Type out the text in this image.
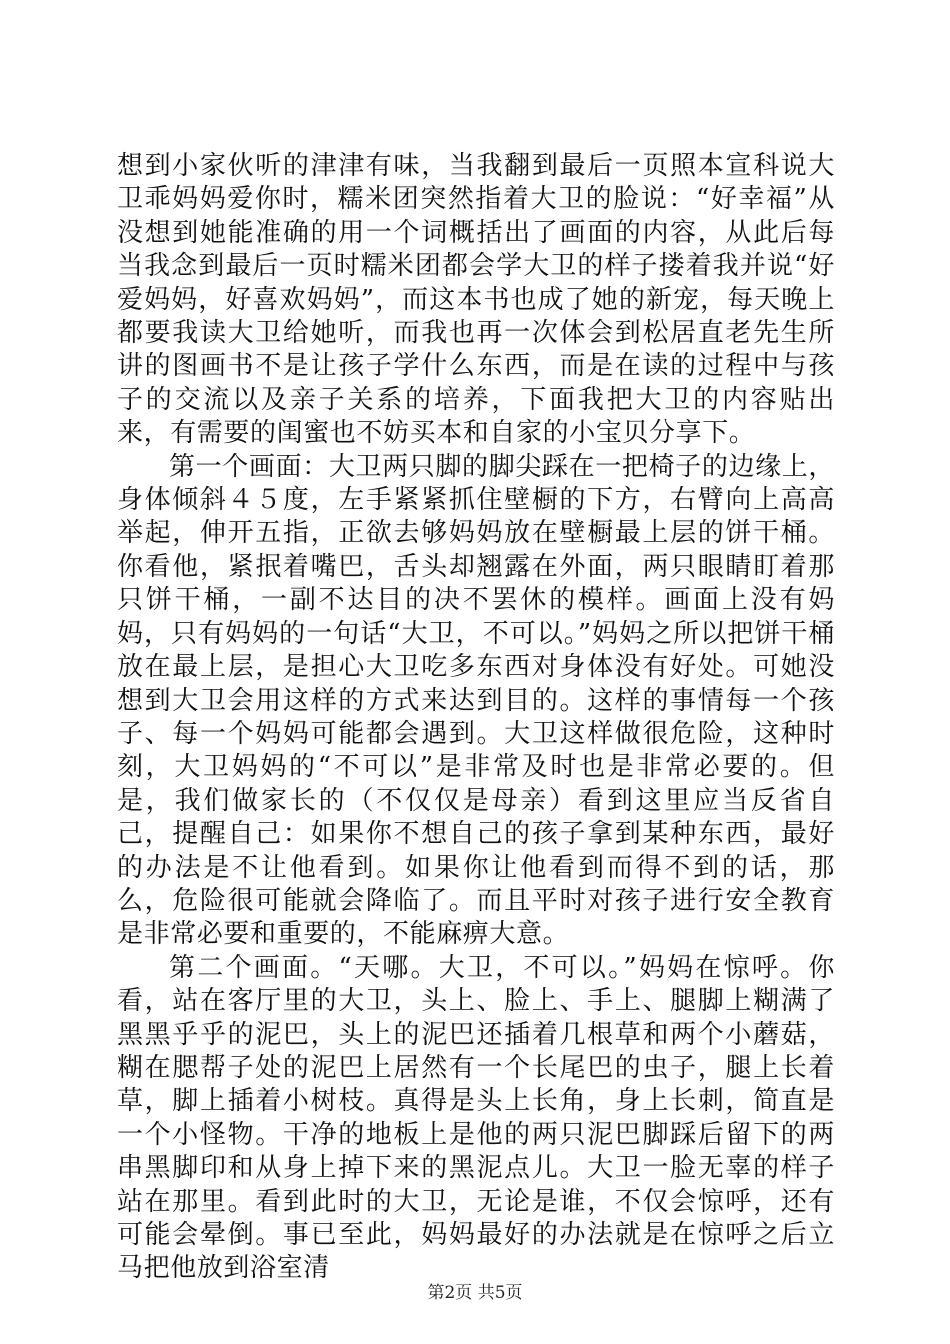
想到小家伙听的津津有味，当我翻到最后一页照本宣科说大卫乖妈妈爱你时，糯米团突然指着大卫的脸说：“好幸福”从没想到她能准确的用一个词概括出了画面的内容，从此后每当我念到最后一页时糯米团都会学大卫的样子搂着我并说“好爱妈妈，好喜欢妈妈”，而这本书也成了她的新宠，每天晚上都要我读大卫给她听，而我也再一次体会到松居直老先生所讲的图画书不是让孩子学什么东西，而是在读的过程中与孩子的交流以及亲子关系的培养，下面我把大卫的内容贴出来，有需要的闺蜜也不妨买本和自家的小宝贝分享下。

第一个画面：大卫两只脚的脚尖踩在一把椅子的边缘上，身体倾斜４５度，左手紧紧抓住壁橱的下方，右臂向上高高举起，伸开五指，正欲去够妈妈放在壁橱最上层的饼干桶。你看他，紧抿着嘴巴，舌头却翘露在外面，两只眼睛盯着那只饼干桶，一副不达目的决不罢休的模样。画面上没有妈妈，只有妈妈的一句话“大卫，不可以。”妈妈之所以把饼干桶放在最上层，是担心大卫吃多东西对身体没有好处。可她没想到大卫会用这样的方式来达到目的。这样的事情每一个孩子、每一个妈妈可能都会遇到。大卫这样做很危险，这种时刻，大卫妈妈的“不可以”是非常及时也是非常必要的。但是，我们做家长的（不仅仅是母亲）看到这里应当反省自己，提醒自己：如果你不想自己的孩子拿到某种东西，最好的办法是不让他看到。如果你让他看到而得不到的话，那么，危险很可能就会降临了。而且平时对孩子进行安全教育是非常必要和重要的，不能麻痹大意。

第二个画面。“天哪。大卫，不可以。”妈妈在惊呼。你看，站在客厅里的大卫，头上、脸上、手上、腿脚上糊满了黑黑乎乎的泥巴，头上的泥巴还插着几根草和两个小蘑菇，糊在腮帮子处的泥巴上居然有一个长尾巴的虫子，腿上长着草，脚上插着小树枝。真得是头上长角，身上长刺，简直是一个小怪物。干净的地板上是他的两只泥巴脚踩后留下的两串黑脚印和从身上掉下来的黑泥点儿。大卫一脸无辜的样子站在那里。看到此时的大卫，无论是谁，不仅会惊呼，还有可能会晕倒。事已至此，妈妈最好的办法就是在惊呼之后立马把他放到浴室清

第2页 共5页
